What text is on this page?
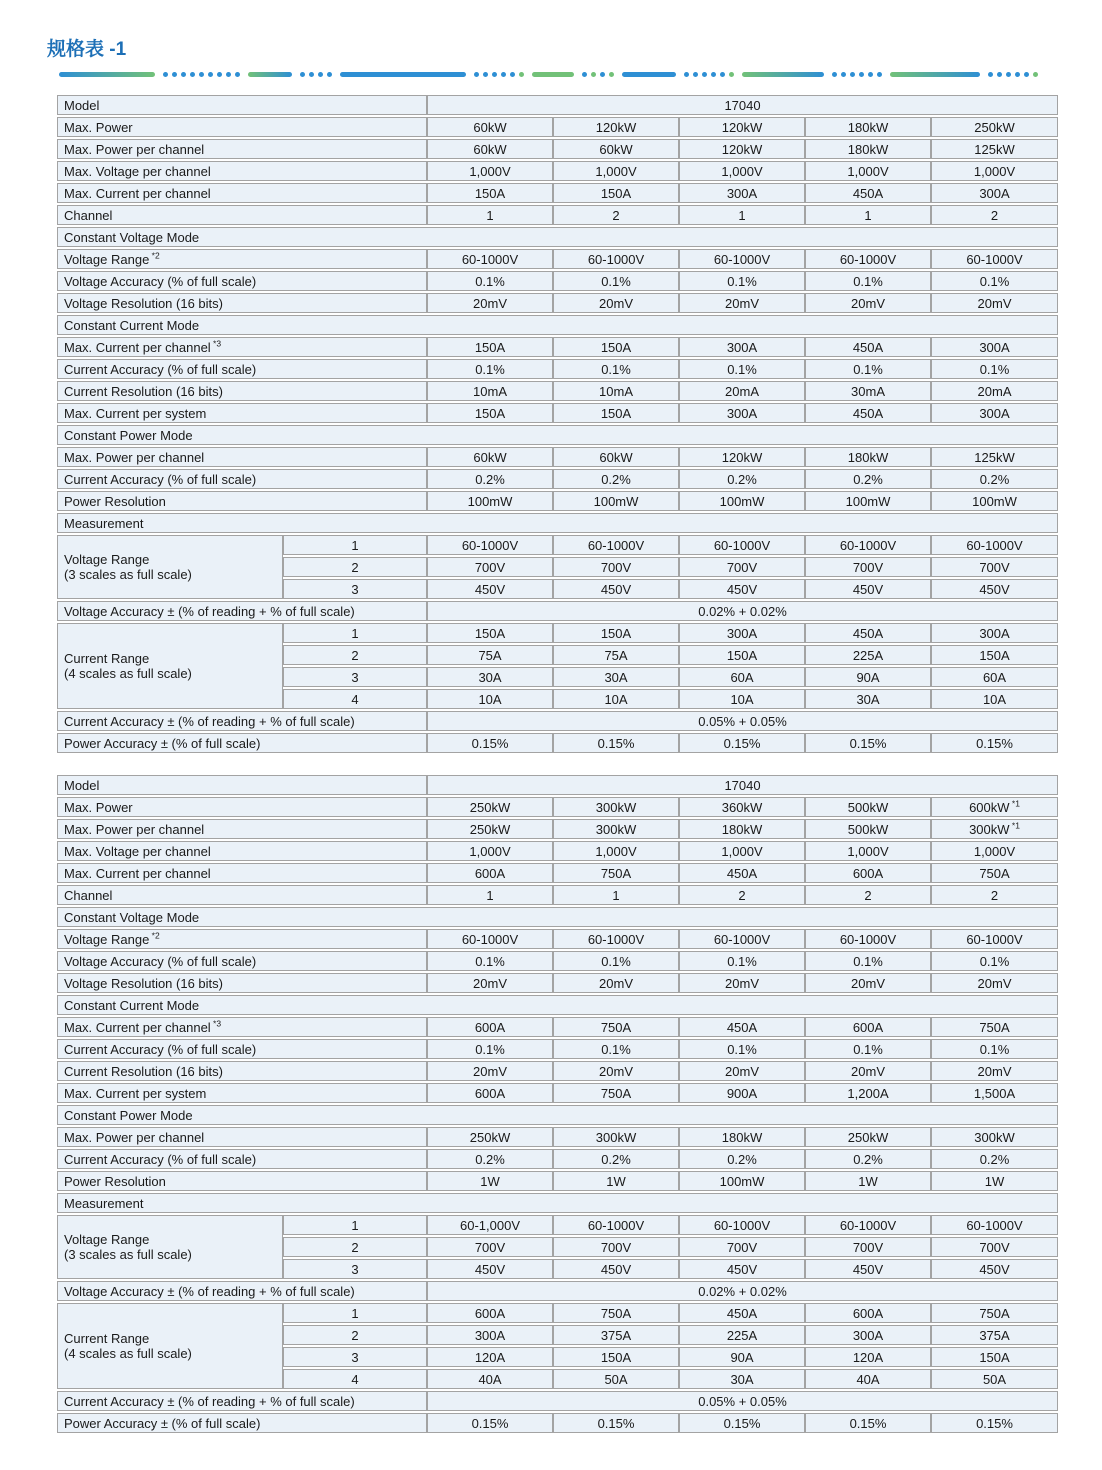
规格表 -1
Model		17040				
Max. Power		60kW	120kW	120kW	180kW	250kW
Max. Power per channel		60kW	60kW	120kW	180kW	125kW
Max. Voltage per channel		1,000V	1,000V	1,000V	1,000V	1,000V
Max. Current per channel		150A	150A	300A	450A	300A
Channel		1	2	1	1	2
Constant Voltage Mode						
Voltage Range $^{*2}$		60-1000V	60-1000V	60-1000V	60-1000V	60-1000V
Voltage Accuracy (% of full scale)		0.1%	0.1%	0.1%	0.1%	0.1%
Voltage Resolution (16 bits)		20mV	20mV	20mV	20mV	20mV
Constant Current Mode						
Max. Current per channel $^{*3}$		150A	150A	300A	450A	300A
Current Accuracy (% of full scale)		0.1%	0.1%	0.1%	0.1%	0.1%
Current Resolution (16 bits)		10mA	10mA	20mA	30mA	20mA
Max. Current per system		150A	150A	300A	450A	300A
Constant Power Mode						
Max. Power per channel		60kW	60kW	120kW	180kW	125kW
Current Accuracy (% of full scale)		0.2%	0.2%	0.2%	0.2%	0.2%
Power Resolution		100mW	100mW	100mW	100mW	100mW
Measurement						

Voltage Range
(3 scales as full scale)	1	60-1000V	60-1000V	60-1000V	60-1000V	60-1000V
	2	700V	700V	700V	700V	700V
	3	450V	450V	450V	450V	450V
Voltage Accuracy ± (% of reading + % of full scale)		0.02% + 0.02%				

Current Range
(4 scales as full scale)	1	150A	150A	300A	450A	300A
	2	75A	75A	150A	225A	150A
	3	30A	30A	60A	90A	60A
	4	10A	10A	10A	30A	10A
Current Accuracy ± (% of reading + % of full scale)		0.05% + 0.05%				
Power Accuracy ± (% of full scale)		0.15%	0.15%	0.15%	0.15%	0.15%
Model		17040				
Max. Power		250kW	300kW	360kW	500kW	600kW $^{*1}$
Max. Power per channel		250kW	300kW	180kW	500kW	300kW $^{*1}$
Max. Voltage per channel		1,000V	1,000V	1,000V	1,000V	1,000V
Max. Current per channel		600A	750A	450A	600A	750A
Channel		1	1	2	2	2
Constant Voltage Mode						
Voltage Range $^{*2}$		60-1000V	60-1000V	60-1000V	60-1000V	60-1000V
Voltage Accuracy (% of full scale)		0.1%	0.1%	0.1%	0.1%	0.1%
Voltage Resolution (16 bits)		20mV	20mV	20mV	20mV	20mV
Constant Current Mode						
Max. Current per channel $^{*3}$		600A	750A	450A	600A	750A
Current Accuracy (% of full scale)		0.1%	0.1%	0.1%	0.1%	0.1%
Current Resolution (16 bits)		20mV	20mV	20mV	20mV	20mV
Max. Current per system		600A	750A	900A	1,200A	1,500A
Constant Power Mode						
Max. Power per channel		250kW	300kW	180kW	250kW	300kW
Current Accuracy (% of full scale)		0.2%	0.2%	0.2%	0.2%	0.2%
Power Resolution		1W	1W	100mW	1W	1W
Measurement						

Voltage Range
(3 scales as full scale)	1	60-1,000V	60-1000V	60-1000V	60-1000V	60-1000V
	2	700V	700V	700V	700V	700V
	3	450V	450V	450V	450V	450V
Voltage Accuracy ± (% of reading + % of full scale)		0.02% + 0.02%				

Current Range
(4 scales as full scale)	1	600A	750A	450A	600A	750A
	2	300A	375A	225A	300A	375A
	3	120A	150A	90A	120A	150A
	4	40A	50A	30A	40A	50A
Current Accuracy ± (% of reading + % of full scale)		0.05% + 0.05%				
Power Accuracy ± (% of full scale)		0.15%	0.15%	0.15%	0.15%	0.15%
